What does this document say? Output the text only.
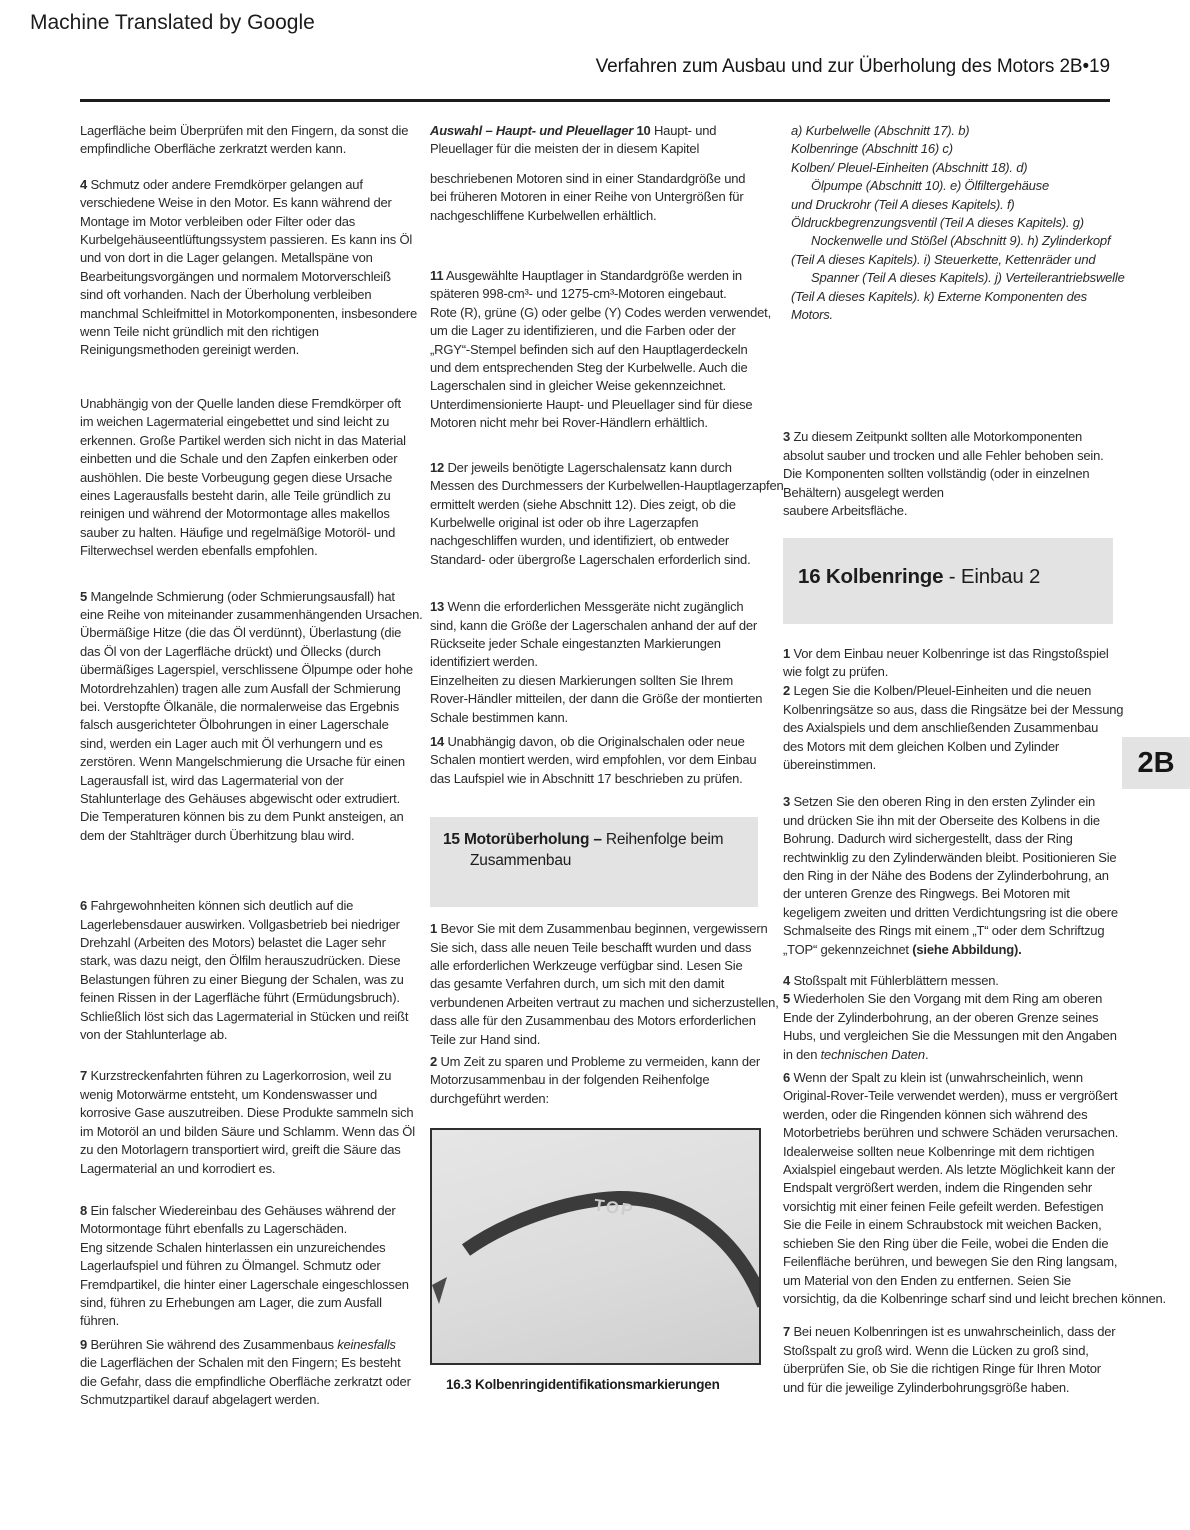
Machine Translated by Google
Verfahren zum Ausbau und zur Überholung des Motors 2B•19
Lagerfläche beim Überprüfen mit den Fingern, da sonst die
empfindliche Oberfläche zerkratzt werden kann.
4 Schmutz oder andere Fremdkörper gelangen auf
verschiedene Weise in den Motor. Es kann während der
Montage im Motor verbleiben oder Filter oder das
Kurbelgehäuseentlüftungssystem passieren. Es kann ins Öl
und von dort in die Lager gelangen. Metallspäne von
Bearbeitungsvorgängen und normalem Motorverschleiß
sind oft vorhanden. Nach der Überholung verbleiben
manchmal Schleifmittel in Motorkomponenten, insbesondere
wenn Teile nicht gründlich mit den richtigen
Reinigungsmethoden gereinigt werden.
Unabhängig von der Quelle landen diese Fremdkörper oft
im weichen Lagermaterial eingebettet und sind leicht zu
erkennen. Große Partikel werden sich nicht in das Material
einbetten und die Schale und den Zapfen einkerben oder
aushöhlen. Die beste Vorbeugung gegen diese Ursache
eines Lagerausfalls besteht darin, alle Teile gründlich zu
reinigen und während der Motormontage alles makellos
sauber zu halten. Häufige und regelmäßige Motoröl- und
Filterwechsel werden ebenfalls empfohlen.
5 Mangelnde Schmierung (oder Schmierungsausfall) hat
eine Reihe von miteinander zusammenhängenden Ursachen.
Übermäßige Hitze (die das Öl verdünnt), Überlastung (die
das Öl von der Lagerfläche drückt) und Öllecks (durch
übermäßiges Lagerspiel, verschlissene Ölpumpe oder hohe
Motordrehzahlen) tragen alle zum Ausfall der Schmierung
bei. Verstopfte Ölkanäle, die normalerweise das Ergebnis
falsch ausgerichteter Ölbohrungen in einer Lagerschale
sind, werden ein Lager auch mit Öl verhungern und es
zerstören. Wenn Mangelschmierung die Ursache für einen
Lagerausfall ist, wird das Lagermaterial von der
Stahlunterlage des Gehäuses abgewischt oder extrudiert.
Die Temperaturen können bis zu dem Punkt ansteigen, an
dem der Stahlträger durch Überhitzung blau wird.
6 Fahrgewohnheiten können sich deutlich auf die
Lagerlebensdauer auswirken. Vollgasbetrieb bei niedriger
Drehzahl (Arbeiten des Motors) belastet die Lager sehr
stark, was dazu neigt, den Ölfilm herauszudrücken. Diese
Belastungen führen zu einer Biegung der Schalen, was zu
feinen Rissen in der Lagerfläche führt (Ermüdungsbruch).
Schließlich löst sich das Lagermaterial in Stücken und reißt
von der Stahlunterlage ab.
7 Kurzstreckenfahrten führen zu Lagerkorrosion, weil zu
wenig Motorwärme entsteht, um Kondenswasser und
korrosive Gase auszutreiben. Diese Produkte sammeln sich
im Motoröl an und bilden Säure und Schlamm. Wenn das Öl
zu den Motorlagern transportiert wird, greift die Säure das
Lagermaterial an und korrodiert es.
8 Ein falscher Wiedereinbau des Gehäuses während der
Motormontage führt ebenfalls zu Lagerschäden.
Eng sitzende Schalen hinterlassen ein unzureichendes
Lagerlaufspiel und führen zu Ölmangel. Schmutz oder
Fremdpartikel, die hinter einer Lagerschale eingeschlossen
sind, führen zu Erhebungen am Lager, die zum Ausfall
führen.
9 Berühren Sie während des Zusammenbaus keinesfalls
die Lagerflächen der Schalen mit den Fingern; Es besteht
die Gefahr, dass die empfindliche Oberfläche zerkratzt oder
Schmutzpartikel darauf abgelagert werden.
Auswahl – Haupt- und Pleuellager 10 Haupt- und
Pleuellager für die meisten der in diesem Kapitel
beschriebenen Motoren sind in einer Standardgröße und
bei früheren Motoren in einer Reihe von Untergrößen für
nachgeschliffene Kurbelwellen erhältlich.
11 Ausgewählte Hauptlager in Standardgröße werden in
späteren 998-cm³- und 1275-cm³-Motoren eingebaut.
Rote (R), grüne (G) oder gelbe (Y) Codes werden verwendet,
um die Lager zu identifizieren, und die Farben oder der
„RGY“-Stempel befinden sich auf den Hauptlagerdeckeln
und dem entsprechenden Steg der Kurbelwelle. Auch die
Lagerschalen sind in gleicher Weise gekennzeichnet.
Unterdimensionierte Haupt- und Pleuellager sind für diese
Motoren nicht mehr bei Rover-Händlern erhältlich.
12 Der jeweils benötigte Lagerschalensatz kann durch
Messen des Durchmessers der Kurbelwellen-Hauptlagerzapfen
ermittelt werden (siehe Abschnitt 12). Dies zeigt, ob die
Kurbelwelle original ist oder ob ihre Lagerzapfen
nachgeschliffen wurden, und identifiziert, ob entweder
Standard- oder übergroße Lagerschalen erforderlich sind.
13 Wenn die erforderlichen Messgeräte nicht zugänglich
sind, kann die Größe der Lagerschalen anhand der auf der
Rückseite jeder Schale eingestanzten Markierungen
identifiziert werden.
Einzelheiten zu diesen Markierungen sollten Sie Ihrem
Rover-Händler mitteilen, der dann die Größe der montierten
Schale bestimmen kann.
14 Unabhängig davon, ob die Originalschalen oder neue
Schalen montiert werden, wird empfohlen, vor dem Einbau
das Laufspiel wie in Abschnitt 17 beschrieben zu prüfen.
15 Motorüberholung – Reihenfolge beim
Zusammenbau
1 Bevor Sie mit dem Zusammenbau beginnen, vergewissern
Sie sich, dass alle neuen Teile beschafft wurden und dass
alle erforderlichen Werkzeuge verfügbar sind. Lesen Sie
das gesamte Verfahren durch, um sich mit den damit
verbundenen Arbeiten vertraut zu machen und sicherzustellen,
dass alle für den Zusammenbau des Motors erforderlichen
Teile zur Hand sind.
2 Um Zeit zu sparen und Probleme zu vermeiden, kann der
Motorzusammenbau in der folgenden Reihenfolge
durchgeführt werden:
TOP
16.3 Kolbenringidentifikationsmarkierungen
a) Kurbelwelle (Abschnitt 17). b)
Kolbenringe (Abschnitt 16) c)
Kolben/ Pleuel-Einheiten (Abschnitt 18). d)
Ölpumpe (Abschnitt 10). e) Ölfiltergehäuse
und Druckrohr (Teil A dieses Kapitels). f)
Öldruckbegrenzungsventil (Teil A dieses Kapitels). g)
Nockenwelle und Stößel (Abschnitt 9). h) Zylinderkopf
(Teil A dieses Kapitels). i) Steuerkette, Kettenräder und
Spanner (Teil A dieses Kapitels). j) Verteilerantriebswelle
(Teil A dieses Kapitels). k) Externe Komponenten des
Motors.
3 Zu diesem Zeitpunkt sollten alle Motorkomponenten
absolut sauber und trocken und alle Fehler behoben sein.
Die Komponenten sollten vollständig (oder in einzelnen
Behältern) ausgelegt werden
saubere Arbeitsfläche.
16 Kolbenringe - Einbau 2
1 Vor dem Einbau neuer Kolbenringe ist das Ringstoßspiel
wie folgt zu prüfen.
2 Legen Sie die Kolben/Pleuel-Einheiten und die neuen
Kolbenringsätze so aus, dass die Ringsätze bei der Messung
des Axialspiels und dem anschließenden Zusammenbau
des Motors mit dem gleichen Kolben und Zylinder
übereinstimmen.
3 Setzen Sie den oberen Ring in den ersten Zylinder ein
und drücken Sie ihn mit der Oberseite des Kolbens in die
Bohrung. Dadurch wird sichergestellt, dass der Ring
rechtwinklig zu den Zylinderwänden bleibt. Positionieren Sie
den Ring in der Nähe des Bodens der Zylinderbohrung, an
der unteren Grenze des Ringwegs. Bei Motoren mit
kegeligem zweiten und dritten Verdichtungsring ist die obere
Schmalseite des Rings mit einem „T“ oder dem Schriftzug
„TOP“ gekennzeichnet (siehe Abbildung).
4 Stoßspalt mit Fühlerblättern messen.
5 Wiederholen Sie den Vorgang mit dem Ring am oberen
Ende der Zylinderbohrung, an der oberen Grenze seines
Hubs, und vergleichen Sie die Messungen mit den Angaben
in den technischen Daten.
6 Wenn der Spalt zu klein ist (unwahrscheinlich, wenn
Original-Rover-Teile verwendet werden), muss er vergrößert
werden, oder die Ringenden können sich während des
Motorbetriebs berühren und schwere Schäden verursachen.
Idealerweise sollten neue Kolbenringe mit dem richtigen
Axialspiel eingebaut werden. Als letzte Möglichkeit kann der
Endspalt vergrößert werden, indem die Ringenden sehr
vorsichtig mit einer feinen Feile gefeilt werden. Befestigen
Sie die Feile in einem Schraubstock mit weichen Backen,
schieben Sie den Ring über die Feile, wobei die Enden die
Feilenfläche berühren, und bewegen Sie den Ring langsam,
um Material von den Enden zu entfernen. Seien Sie
vorsichtig, da die Kolbenringe scharf sind und leicht brechen können.
7 Bei neuen Kolbenringen ist es unwahrscheinlich, dass der
Stoßspalt zu groß wird. Wenn die Lücken zu groß sind,
überprüfen Sie, ob Sie die richtigen Ringe für Ihren Motor
und für die jeweilige Zylinderbohrungsgröße haben.
2B
